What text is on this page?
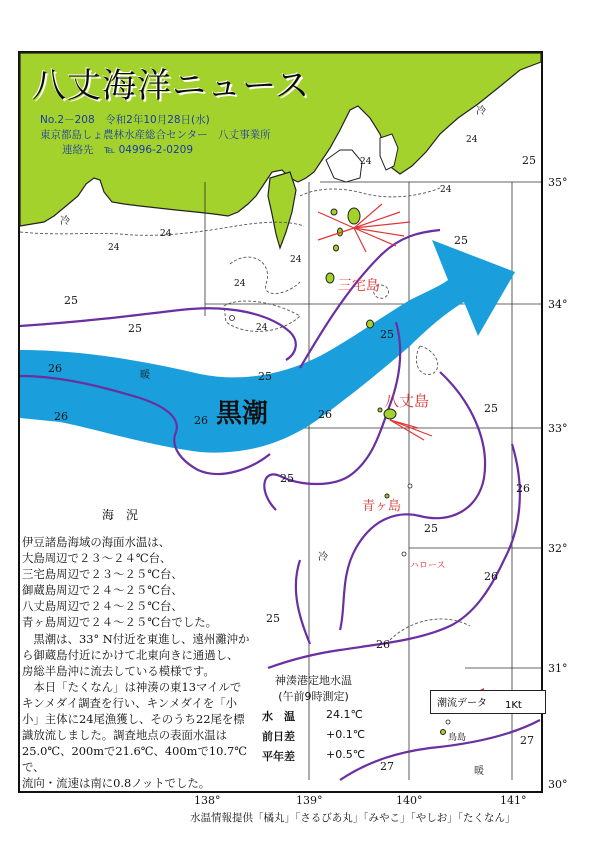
黒潮
三宅島
八丈島
青ヶ島
ハロース
鳥島
冷
冷
冷
暖
暖
24
24
24
24
24
24
24
24
25
25
25
25
25
25
25
25
25
25
26
26	26	26
26
26
26
27
27
35°
34°
33°
32°
31°
30°
138°	139°	140°	141°
八丈海洋ニュース
No.2－208　令和2年10月28日(水)
東京都島しょ農林水産総合センター　八丈事業所
連絡先　℡ 04996-2-0209
海　況

伊豆諸島海域の海面水温は、

大島周辺で２３～２４℃台、

三宅島周辺で２３～２５℃台、

御蔵島周辺で２４～２５℃台、

八丈島周辺で２４～２５℃台、

青ヶ島周辺で２４～２５℃台でした。

　黒潮は、33° N付近を東進し、遠州灘沖か

ら御蔵島付近にかけて北東向きに通過し、

房総半島沖に流去している模様です。

　本日「たくなん」は神湊の東13マイルで

キンメダイ調査を行い、キンメダイを「小

小」主体に24尾漁獲し、そのうち22尾を標

識放流しました。調査地点の表面水温は

25.0℃、200mで21.6℃、400mで10.7℃で、

流向・流速は南に0.8ノットでした。

神湊港定地水温
(午前9時測定)
水　温	24.1℃
前日差	+0.1℃
平年差	+0.5℃
潮流データ 1Kt
水温情報提供「橘丸」「さるびあ丸」「みやこ」「やしお」「たくなん」
